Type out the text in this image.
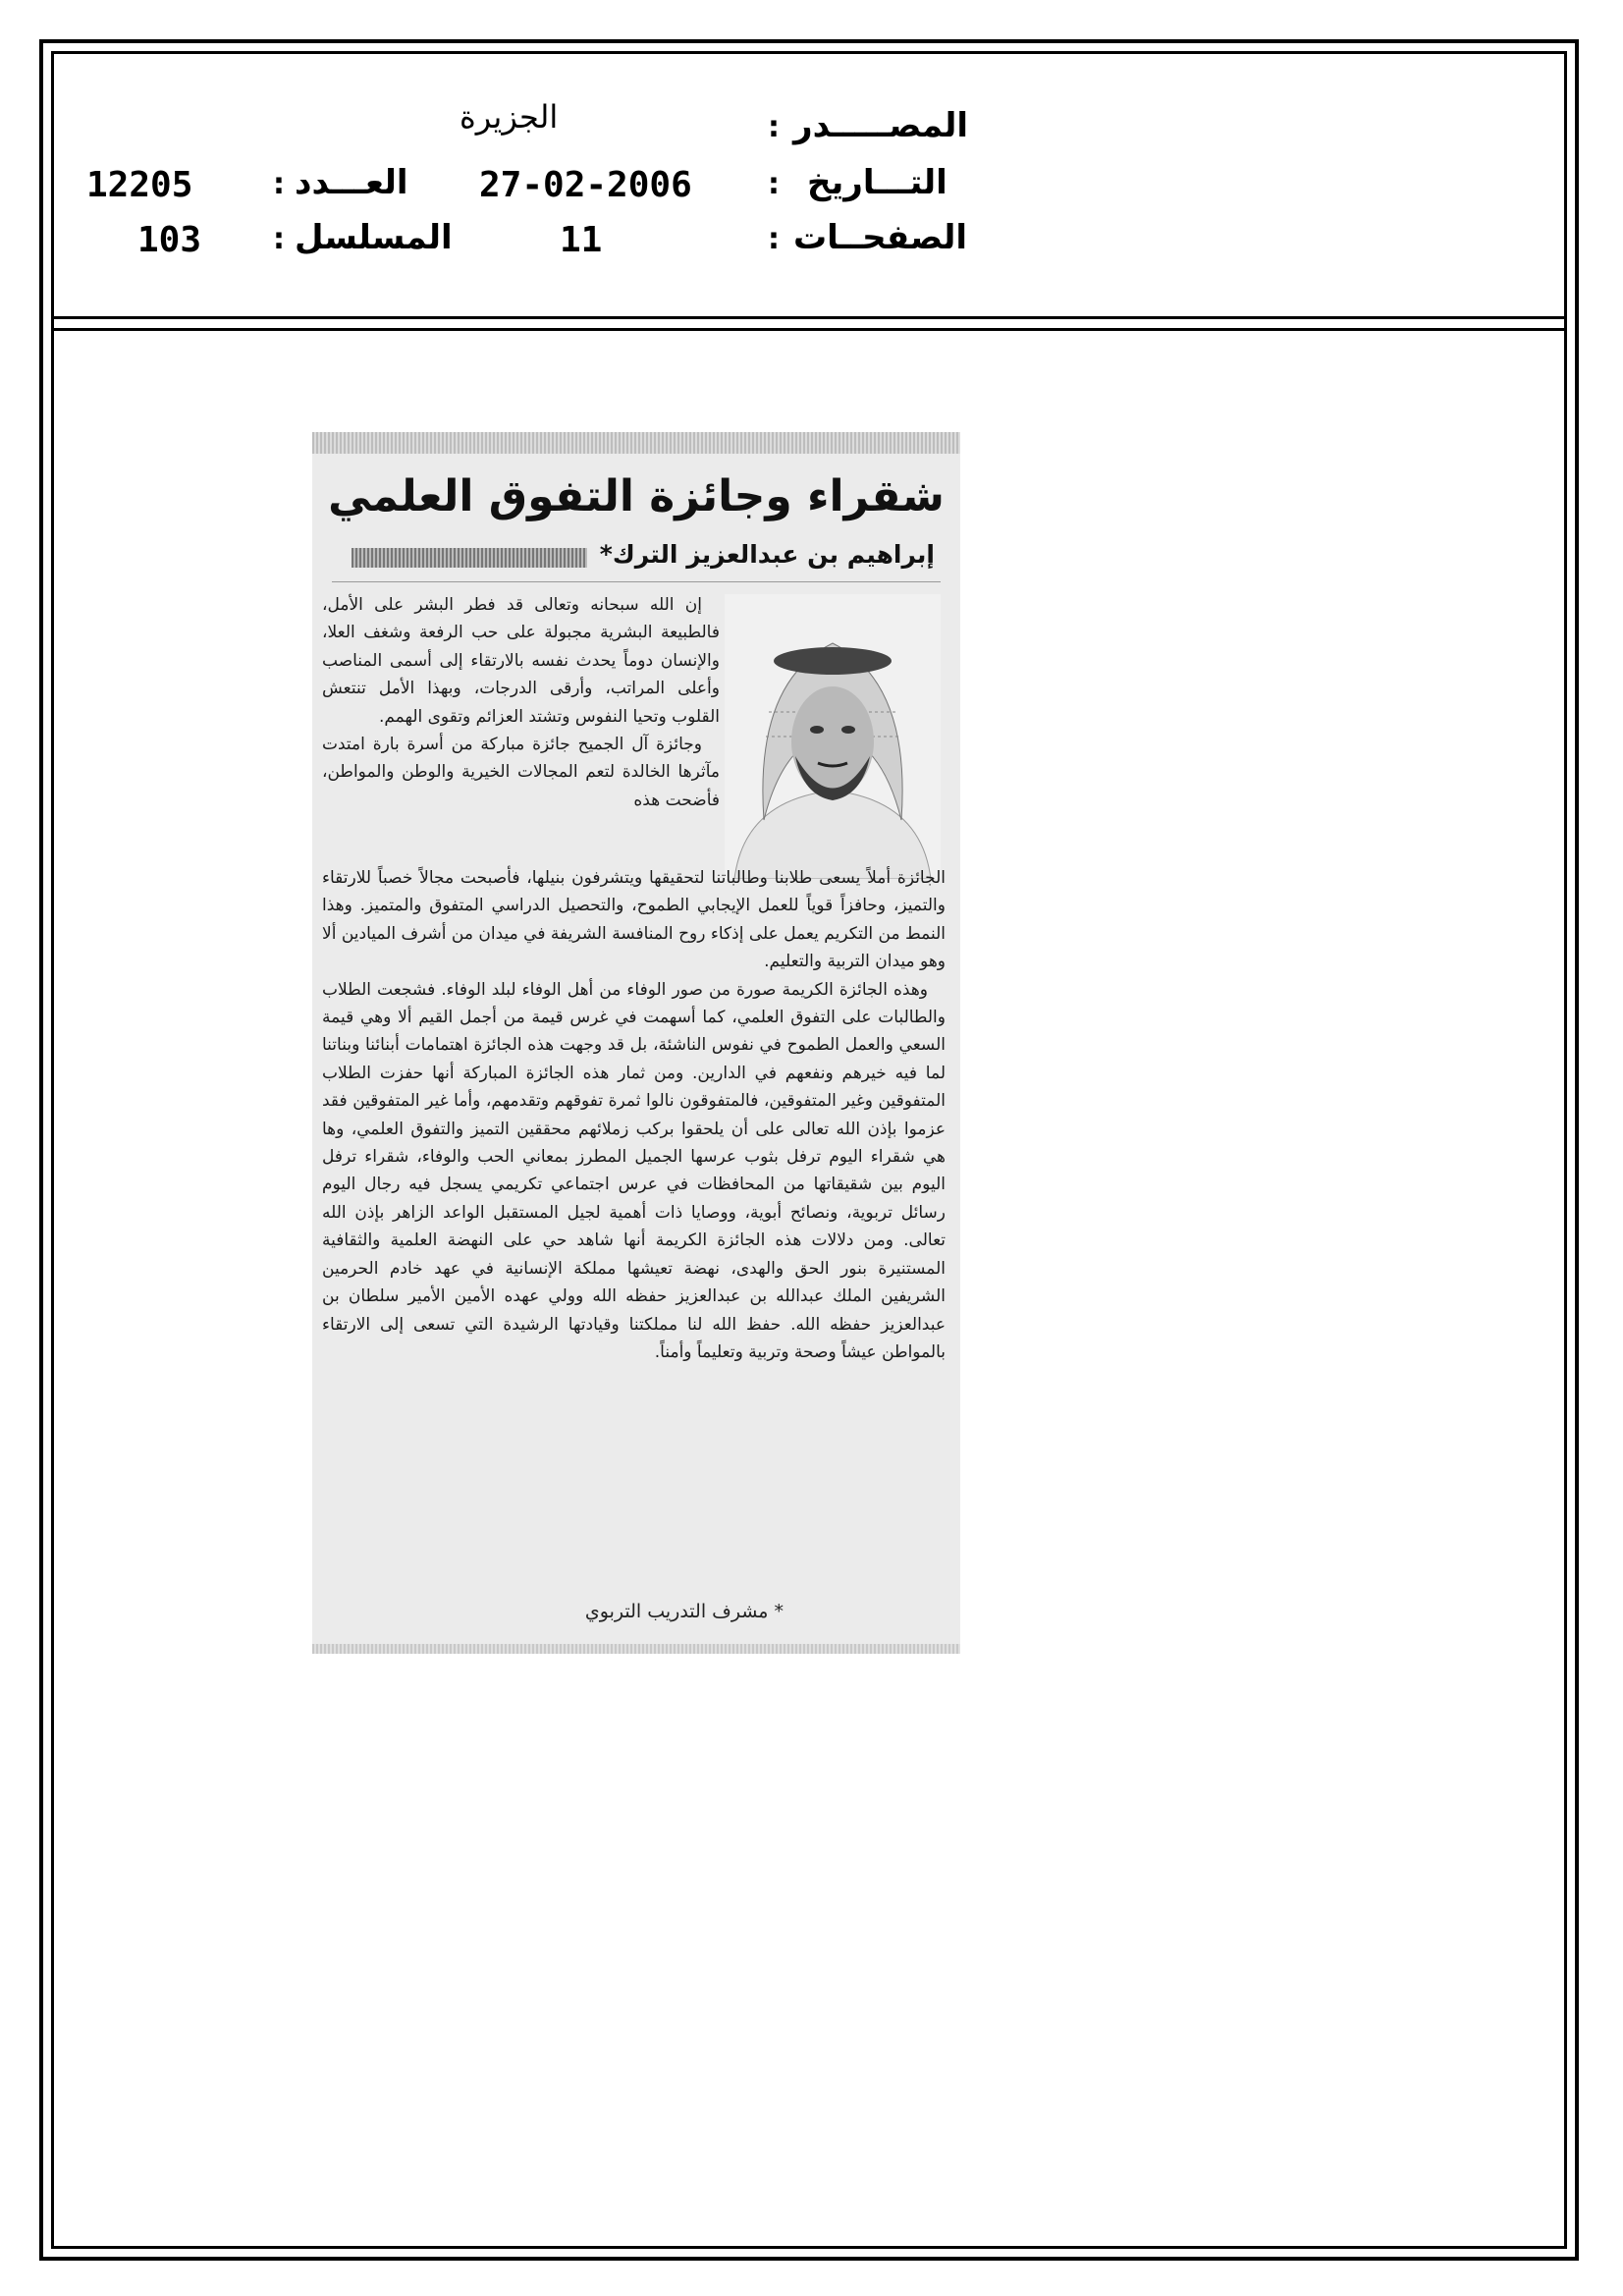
المصـــــدر
:
الجزيرة
التـــاريخ
:
27-02-2006
العـــدد
:
12205
الصفحــات
:
11
المسلسل
:
103
شقراء وجائزة التفوق العلمي
إبراهيم بن عبدالعزيز الترك*

إن الله سبحانه وتعالى قد فطر البشر على الأمل، فالطبيعة البشرية مجبولة على حب الرفعة وشغف العلا، والإنسان دوماً يحدث نفسه بالارتقاء إلى أسمى المناصب وأعلى المراتب، وأرقى الدرجات، وبهذا الأمل تنتعش القلوب وتحيا النفوس وتشتد العزائم وتقوى الهمم.

وجائزة آل الجميح جائزة مباركة من أسرة بارة امتدت مآثرها الخالدة لتعم المجالات الخيرية والوطن والمواطن، فأضحت هذه

الجائزة أملاً يسعى طلابنا وطالباتنا لتحقيقها ويتشرفون بنيلها، فأصبحت مجالاً خصباً للارتقاء والتميز، وحافزاً قوياً للعمل الإيجابي الطموح، والتحصيل الدراسي المتفوق والمتميز. وهذا النمط من التكريم يعمل على إذكاء روح المنافسة الشريفة في ميدان من أشرف الميادين ألا وهو ميدان التربية والتعليم.

وهذه الجائزة الكريمة صورة من صور الوفاء من أهل الوفاء لبلد الوفاء. فشجعت الطلاب والطالبات على التفوق العلمي، كما أسهمت في غرس قيمة من أجمل القيم ألا وهي قيمة السعي والعمل الطموح في نفوس الناشئة، بل قد وجهت هذه الجائزة اهتمامات أبنائنا وبناتنا لما فيه خيرهم ونفعهم في الدارين. ومن ثمار هذه الجائزة المباركة أنها حفزت الطلاب المتفوقين وغير المتفوقين، فالمتفوقون نالوا ثمرة تفوقهم وتقدمهم، وأما غير المتفوقين فقد عزموا بإذن الله تعالى على أن يلحقوا بركب زملائهم محققين التميز والتفوق العلمي، وها هي شقراء اليوم ترفل بثوب عرسها الجميل المطرز بمعاني الحب والوفاء، شقراء ترفل اليوم بين شقيقاتها من المحافظات في عرس اجتماعي تكريمي يسجل فيه رجال اليوم رسائل تربوية، ونصائح أبوية، ووصايا ذات أهمية لجيل المستقبل الواعد الزاهر بإذن الله تعالى. ومن دلالات هذه الجائزة الكريمة أنها شاهد حي على النهضة العلمية والثقافية المستنيرة بنور الحق والهدى، نهضة تعيشها مملكة الإنسانية في عهد خادم الحرمين الشريفين الملك عبدالله بن عبدالعزيز حفظه الله وولي عهده الأمين الأمير سلطان بن عبدالعزيز حفظه الله. حفظ الله لنا مملكتنا وقيادتها الرشيدة التي تسعى إلى الارتقاء بالمواطن عيشاً وصحة وتربية وتعليماً وأمناً.

* مشرف التدريب التربوي
